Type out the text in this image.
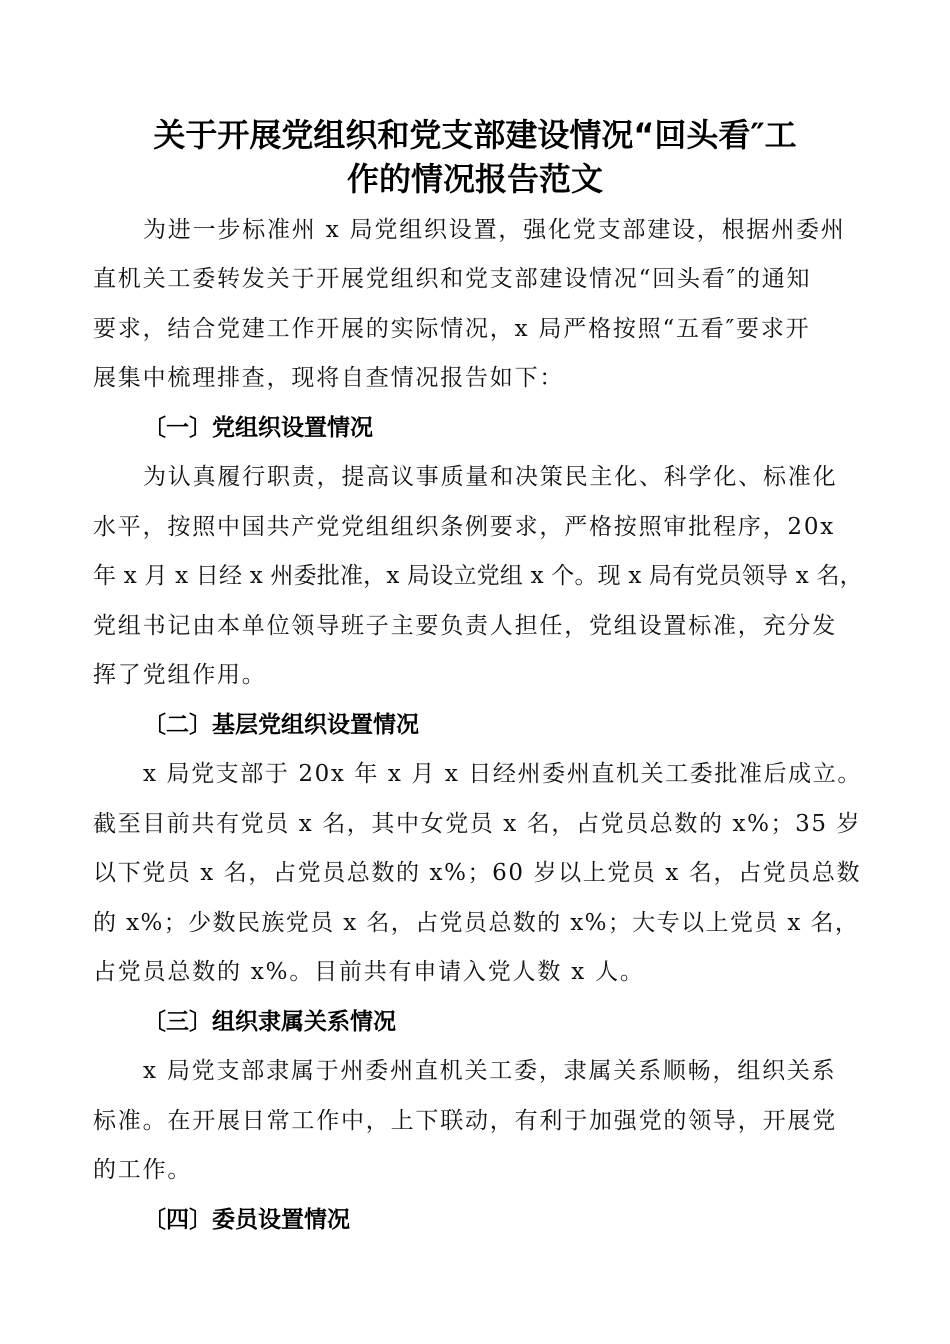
关于开展党组织和党支部建设情况“回头看″工
作的情况报告范文
为进一步标准州 x 局党组织设置，强化党支部建设，根据州委州
直机关工委转发关于开展党组织和党支部建设情况“回头看″的通知
要求，结合党建工作开展的实际情况，x 局严格按照“五看″要求开
展集中梳理排查，现将自查情况报告如下：
〔一〕党组织设置情况
为认真履行职责，提高议事质量和决策民主化、科学化、标准化
水平，按照中国共产党党组组织条例要求，严格按照审批程序，20x
年 x 月 x 日经 x 州委批准，x 局设立党组 x 个。现 x 局有党员领导 x 名，
党组书记由本单位领导班子主要负责人担任，党组设置标准，充分发
挥了党组作用。
〔二〕基层党组织设置情况
x 局党支部于 20x 年 x 月 x 日经州委州直机关工委批准后成立。
截至目前共有党员 x 名，其中女党员 x 名，占党员总数的 x%；35 岁
以下党员 x 名，占党员总数的 x%；60 岁以上党员 x 名，占党员总数
的 x%；少数民族党员 x 名，占党员总数的 x%；大专以上党员 x 名，
占党员总数的 x%。目前共有申请入党人数 x 人。
〔三〕组织隶属关系情况
x 局党支部隶属于州委州直机关工委，隶属关系顺畅，组织关系
标准。在开展日常工作中，上下联动，有利于加强党的领导，开展党
的工作。
〔四〕委员设置情况
